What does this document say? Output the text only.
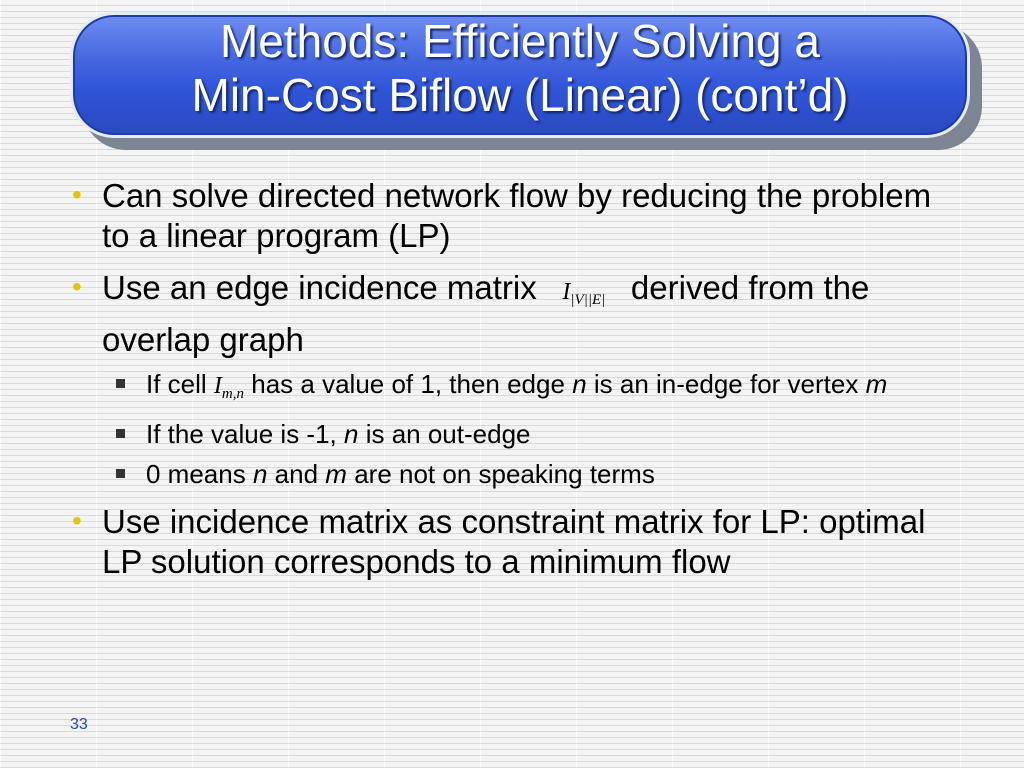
Methods: Efficiently Solving a
Min-Cost Biflow (Linear) (cont’d)
• Can solve directed network flow by reducing the problem to a linear program (LP)
• Use an edge incidence matrix $I_{|V||E|}$ derived from the overlap graph
If cell $I_{m,n}$ has a value of 1, then edge n is an in-edge for vertex m
If the value is -1, n is an out-edge
0 means n and m are not on speaking terms
• Use incidence matrix as constraint matrix for LP: optimal LP solution corresponds to a minimum flow
33
